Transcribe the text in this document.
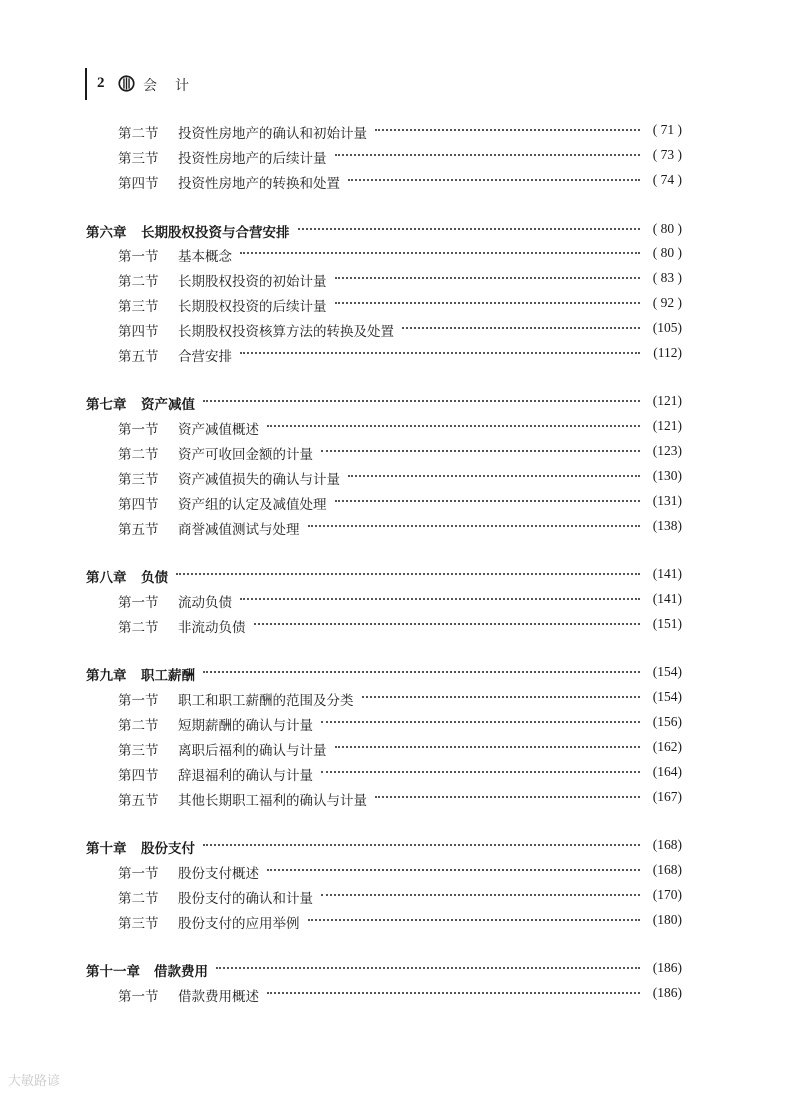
2	会计
第二节	投资性房地产的确认和初始计量	( 71 )
第三节	投资性房地产的后续计量	( 73 )
第四节	投资性房地产的转换和处置	( 74 )
第六章	长期股权投资与合营安排	( 80 )
第一节	基本概念	( 80 )
第二节	长期股权投资的初始计量	( 83 )
第三节	长期股权投资的后续计量	( 92 )
第四节	长期股权投资核算方法的转换及处置	(105)
第五节	合营安排	(112)
第七章	资产减值	(121)
第一节	资产减值概述	(121)
第二节	资产可收回金额的计量	(123)
第三节	资产减值损失的确认与计量	(130)
第四节	资产组的认定及减值处理	(131)
第五节	商誉减值测试与处理	(138)
第八章	负债	(141)
第一节	流动负债	(141)
第二节	非流动负债	(151)
第九章	职工薪酬	(154)
第一节	职工和职工薪酬的范围及分类	(154)
第二节	短期薪酬的确认与计量	(156)
第三节	离职后福利的确认与计量	(162)
第四节	辞退福利的确认与计量	(164)
第五节	其他长期职工福利的确认与计量	(167)
第十章	股份支付	(168)
第一节	股份支付概述	(168)
第二节	股份支付的确认和计量	(170)
第三节	股份支付的应用举例	(180)
第十一章	借款费用	(186)
第一节	借款费用概述	(186)
大敏路谚
